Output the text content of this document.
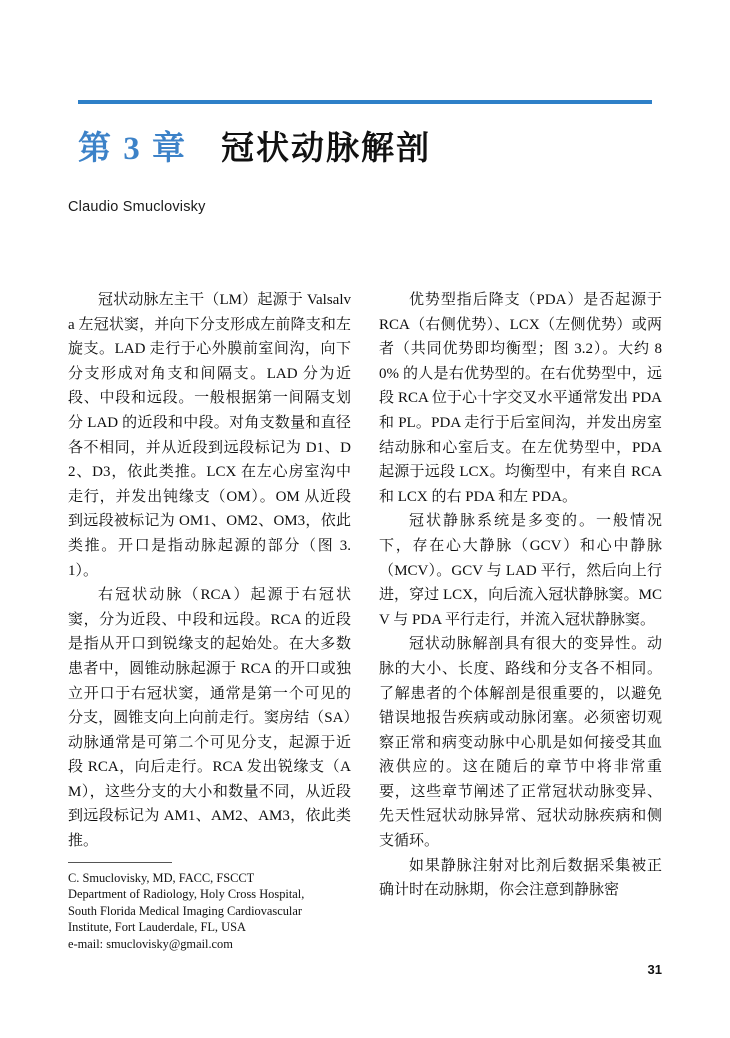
第 3 章 冠状动脉解剖
Claudio Smuclovisky

冠状动脉左主干（LM）起源于 Valsalva 左冠状窦，并向下分支形成左前降支和左旋支。LAD 走行于心外膜前室间沟，向下分支形成对角支和间隔支。LAD 分为近段、中段和远段。一般根据第一间隔支划分 LAD 的近段和中段。对角支数量和直径各不相同，并从近段到远段标记为 D1、D2、D3，依此类推。LCX 在左心房室沟中走行，并发出钝缘支（OM）。OM 从近段到远段被标记为 OM1、OM2、OM3，依此类推。开口是指动脉起源的部分（图 3.1）。

右冠状动脉（RCA）起源于右冠状窦，分为近段、中段和远段。RCA 的近段是指从开口到锐缘支的起始处。在大多数患者中，圆锥动脉起源于 RCA 的开口或独立开口于右冠状窦，通常是第一个可见的分支，圆锥支向上向前走行。窦房结（SA）动脉通常是可第二个可见分支，起源于近段 RCA，向后走行。RCA 发出锐缘支（AM），这些分支的大小和数量不同，从近段到远段标记为 AM1、AM2、AM3，依此类推。

优势型指后降支（PDA）是否起源于 RCA（右侧优势）、LCX（左侧优势）或两者（共同优势即均衡型；图 3.2）。大约 80% 的人是右优势型的。在右优势型中，远段 RCA 位于心十字交叉水平通常发出 PDA 和 PL。PDA 走行于后室间沟，并发出房室结动脉和心室后支。在左优势型中，PDA 起源于远段 LCX。均衡型中，有来自 RCA 和 LCX 的右 PDA 和左 PDA。

冠状静脉系统是多变的。一般情况下，存在心大静脉（GCV）和心中静脉（MCV）。GCV 与 LAD 平行，然后向上行进，穿过 LCX，向后流入冠状静脉窦。MCV 与 PDA 平行走行，并流入冠状静脉窦。

冠状动脉解剖具有很大的变异性。动脉的大小、长度、路线和分支各不相同。了解患者的个体解剖是很重要的，以避免错误地报告疾病或动脉闭塞。必须密切观察正常和病变动脉中心肌是如何接受其血液供应的。这在随后的章节中将非常重要，这些章节阐述了正常冠状动脉变异、先天性冠状动脉异常、冠状动脉疾病和侧支循环。

如果静脉注射对比剂后数据采集被正确计时在动脉期，你会注意到静脉密

C. Smuclovisky, MD, FACC, FSCCT
Department of Radiology, Holy Cross Hospital,
South Florida Medical Imaging Cardiovascular
Institute, Fort Lauderdale, FL, USA
e-mail: smuclovisky@gmail.com
31
